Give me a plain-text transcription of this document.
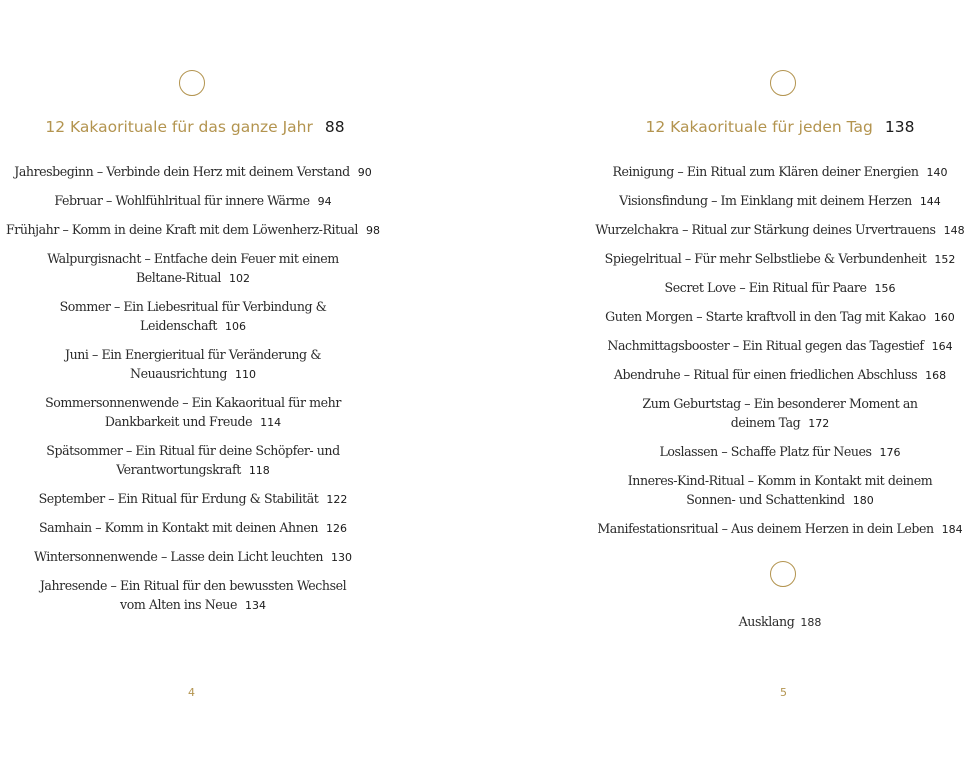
12 Kakaorituale für das ganze Jahr 88
Jahresbeginn – Verbinde dein Herz mit deinem Verstand 90
Februar – Wohlfühlritual für innere Wärme 94
Frühjahr – Komm in deine Kraft mit dem Löwenherz-Ritual 98
Walpurgisnacht – Entfache dein Feuer mit einem
Beltane-Ritual 102
Sommer – Ein Liebesritual für Verbindung &
Leidenschaft 106
Juni – Ein Energieritual für Veränderung &
Neuausrichtung 110
Sommersonnenwende – Ein Kakaoritual für mehr
Dankbarkeit und Freude 114
Spätsommer – Ein Ritual für deine Schöpfer- und
Verantwortungskraft 118
September – Ein Ritual für Erdung & Stabilität 122
Samhain – Komm in Kontakt mit deinen Ahnen 126
Wintersonnenwende – Lasse dein Licht leuchten 130
Jahresende – Ein Ritual für den bewussten Wechsel
vom Alten ins Neue 134
4
12 Kakaorituale für jeden Tag 138
Reinigung – Ein Ritual zum Klären deiner Energien 140
Visionsfindung – Im Einklang mit deinem Herzen 144
Wurzelchakra – Ritual zur Stärkung deines Urvertrauens 148
Spiegelritual – Für mehr Selbstliebe & Verbundenheit 152
Secret Love – Ein Ritual für Paare 156
Guten Morgen – Starte kraftvoll in den Tag mit Kakao 160
Nachmittagsbooster – Ein Ritual gegen das Tagestief 164
Abendruhe – Ritual für einen friedlichen Abschluss 168
Zum Geburtstag – Ein besonderer Moment an
deinem Tag 172
Loslassen – Schaffe Platz für Neues 176
Inneres-Kind-Ritual – Komm in Kontakt mit deinem
Sonnen- und Schattenkind 180
Manifestationsritual – Aus deinem Herzen in dein Leben 184
Ausklang 188
5
